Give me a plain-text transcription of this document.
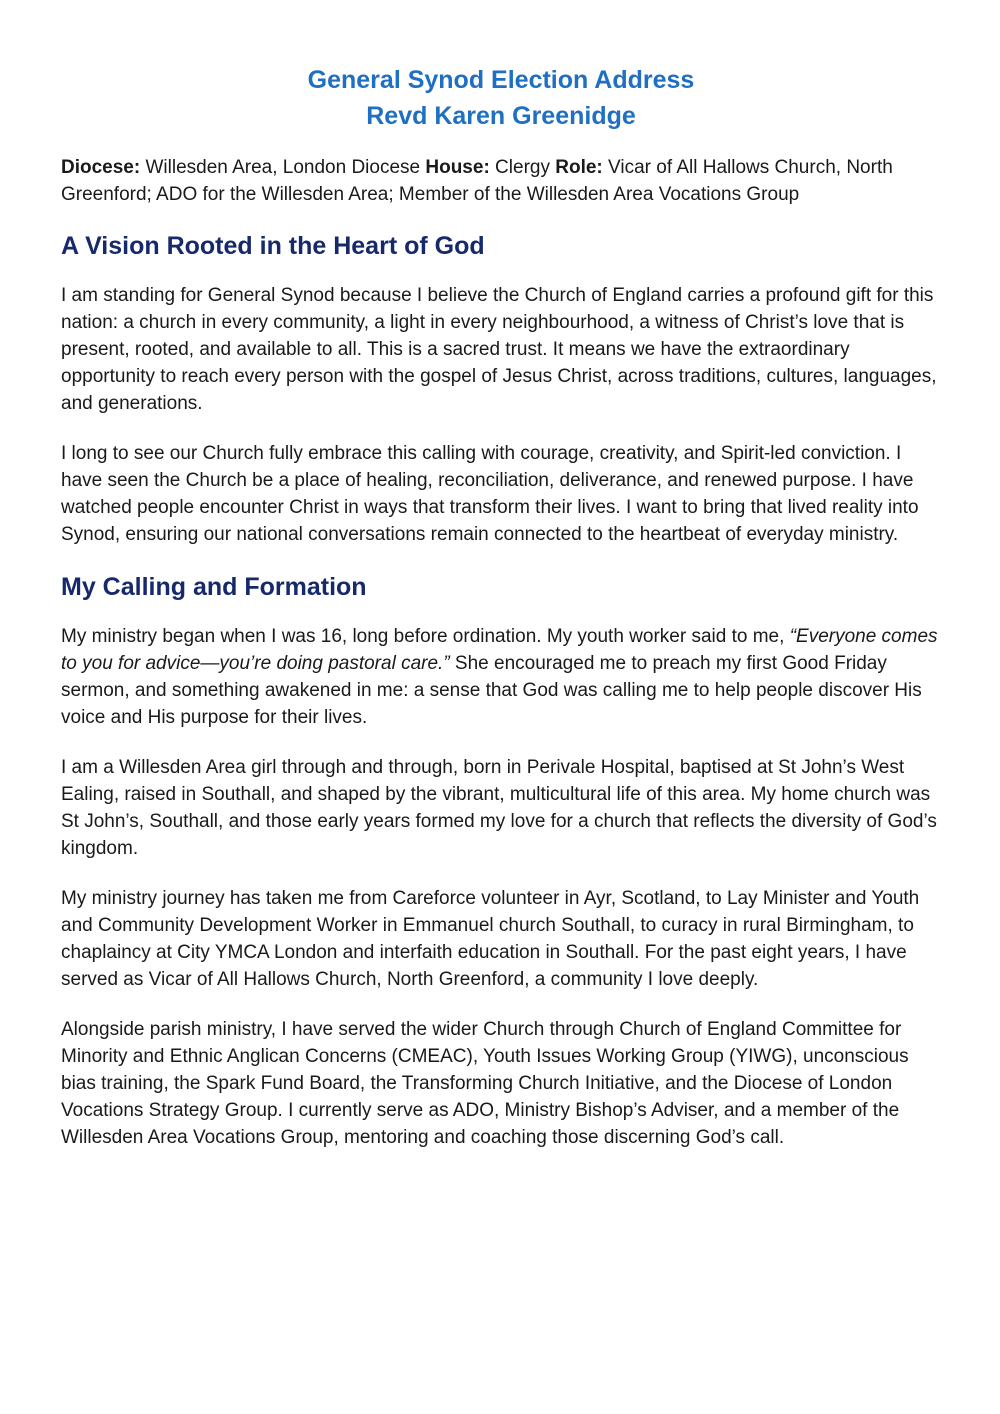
General Synod Election Address
Revd Karen Greenidge

Diocese: Willesden Area, London Diocese House: Clergy Role: Vicar of All Hallows Church, North Greenford; ADO for the Willesden Area; Member of the Willesden Area Vocations Group

A Vision Rooted in the Heart of God

I am standing for General Synod because I believe the Church of England carries a profound gift for this nation: a church in every community, a light in every neighbourhood, a witness of Christ’s love that is present, rooted, and available to all. This is a sacred trust. It means we have the extraordinary opportunity to reach every person with the gospel of Jesus Christ, across traditions, cultures, languages, and generations.

I long to see our Church fully embrace this calling with courage, creativity, and Spirit-led conviction. I have seen the Church be a place of healing, reconciliation, deliverance, and renewed purpose. I have watched people encounter Christ in ways that transform their lives. I want to bring that lived reality into Synod, ensuring our national conversations remain connected to the heartbeat of everyday ministry.

My Calling and Formation

My ministry began when I was 16, long before ordination. My youth worker said to me, “Everyone comes to you for advice—you’re doing pastoral care.” She encouraged me to preach my first Good Friday sermon, and something awakened in me: a sense that God was calling me to help people discover His voice and His purpose for their lives.

I am a Willesden Area girl through and through, born in Perivale Hospital, baptised at St John’s West Ealing, raised in Southall, and shaped by the vibrant, multicultural life of this area. My home church was St John’s, Southall, and those early years formed my love for a church that reflects the diversity of God’s kingdom.

My ministry journey has taken me from Careforce volunteer in Ayr, Scotland, to Lay Minister and Youth and Community Development Worker in Emmanuel church Southall, to curacy in rural Birmingham, to chaplaincy at City YMCA London and interfaith education in Southall. For the past eight years, I have served as Vicar of All Hallows Church, North Greenford, a community I love deeply.

Alongside parish ministry, I have served the wider Church through Church of England Committee for Minority and Ethnic Anglican Concerns (CMEAC), Youth Issues Working Group (YIWG), unconscious bias training, the Spark Fund Board, the Transforming Church Initiative, and the Diocese of London Vocations Strategy Group. I currently serve as ADO, Ministry Bishop’s Adviser, and a member of the Willesden Area Vocations Group, mentoring and coaching those discerning God’s call.
